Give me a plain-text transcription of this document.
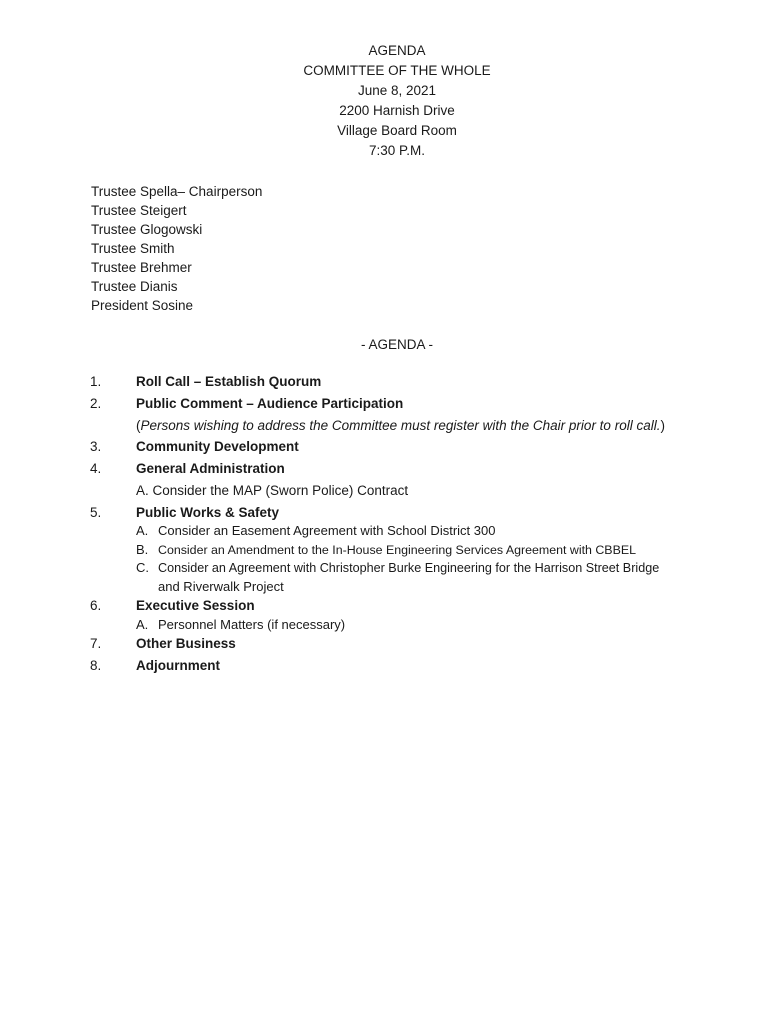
AGENDA
COMMITTEE OF THE WHOLE
June 8, 2021
2200 Harnish Drive
Village Board Room
7:30 P.M.
Trustee Spella– Chairperson
Trustee Steigert
Trustee Glogowski
Trustee Smith
Trustee Brehmer
Trustee Dianis
President Sosine
- AGENDA -
1.	Roll Call – Establish Quorum
2.	Public Comment – Audience Participation
(Persons wishing to address the Committee must register with the Chair prior to roll call.)
3.	Community Development
4.	General Administration
A. Consider the MAP (Sworn Police) Contract
5.	Public Works & Safety
A. Consider an Easement Agreement with School District 300
B. Consider an Amendment to the In-House Engineering Services Agreement with CBBEL
C. Consider an Agreement with Christopher Burke Engineering for the Harrison Street Bridge
and Riverwalk Project
6.	Executive Session
A. Personnel Matters (if necessary)
7.	Other Business
8.	Adjournment
